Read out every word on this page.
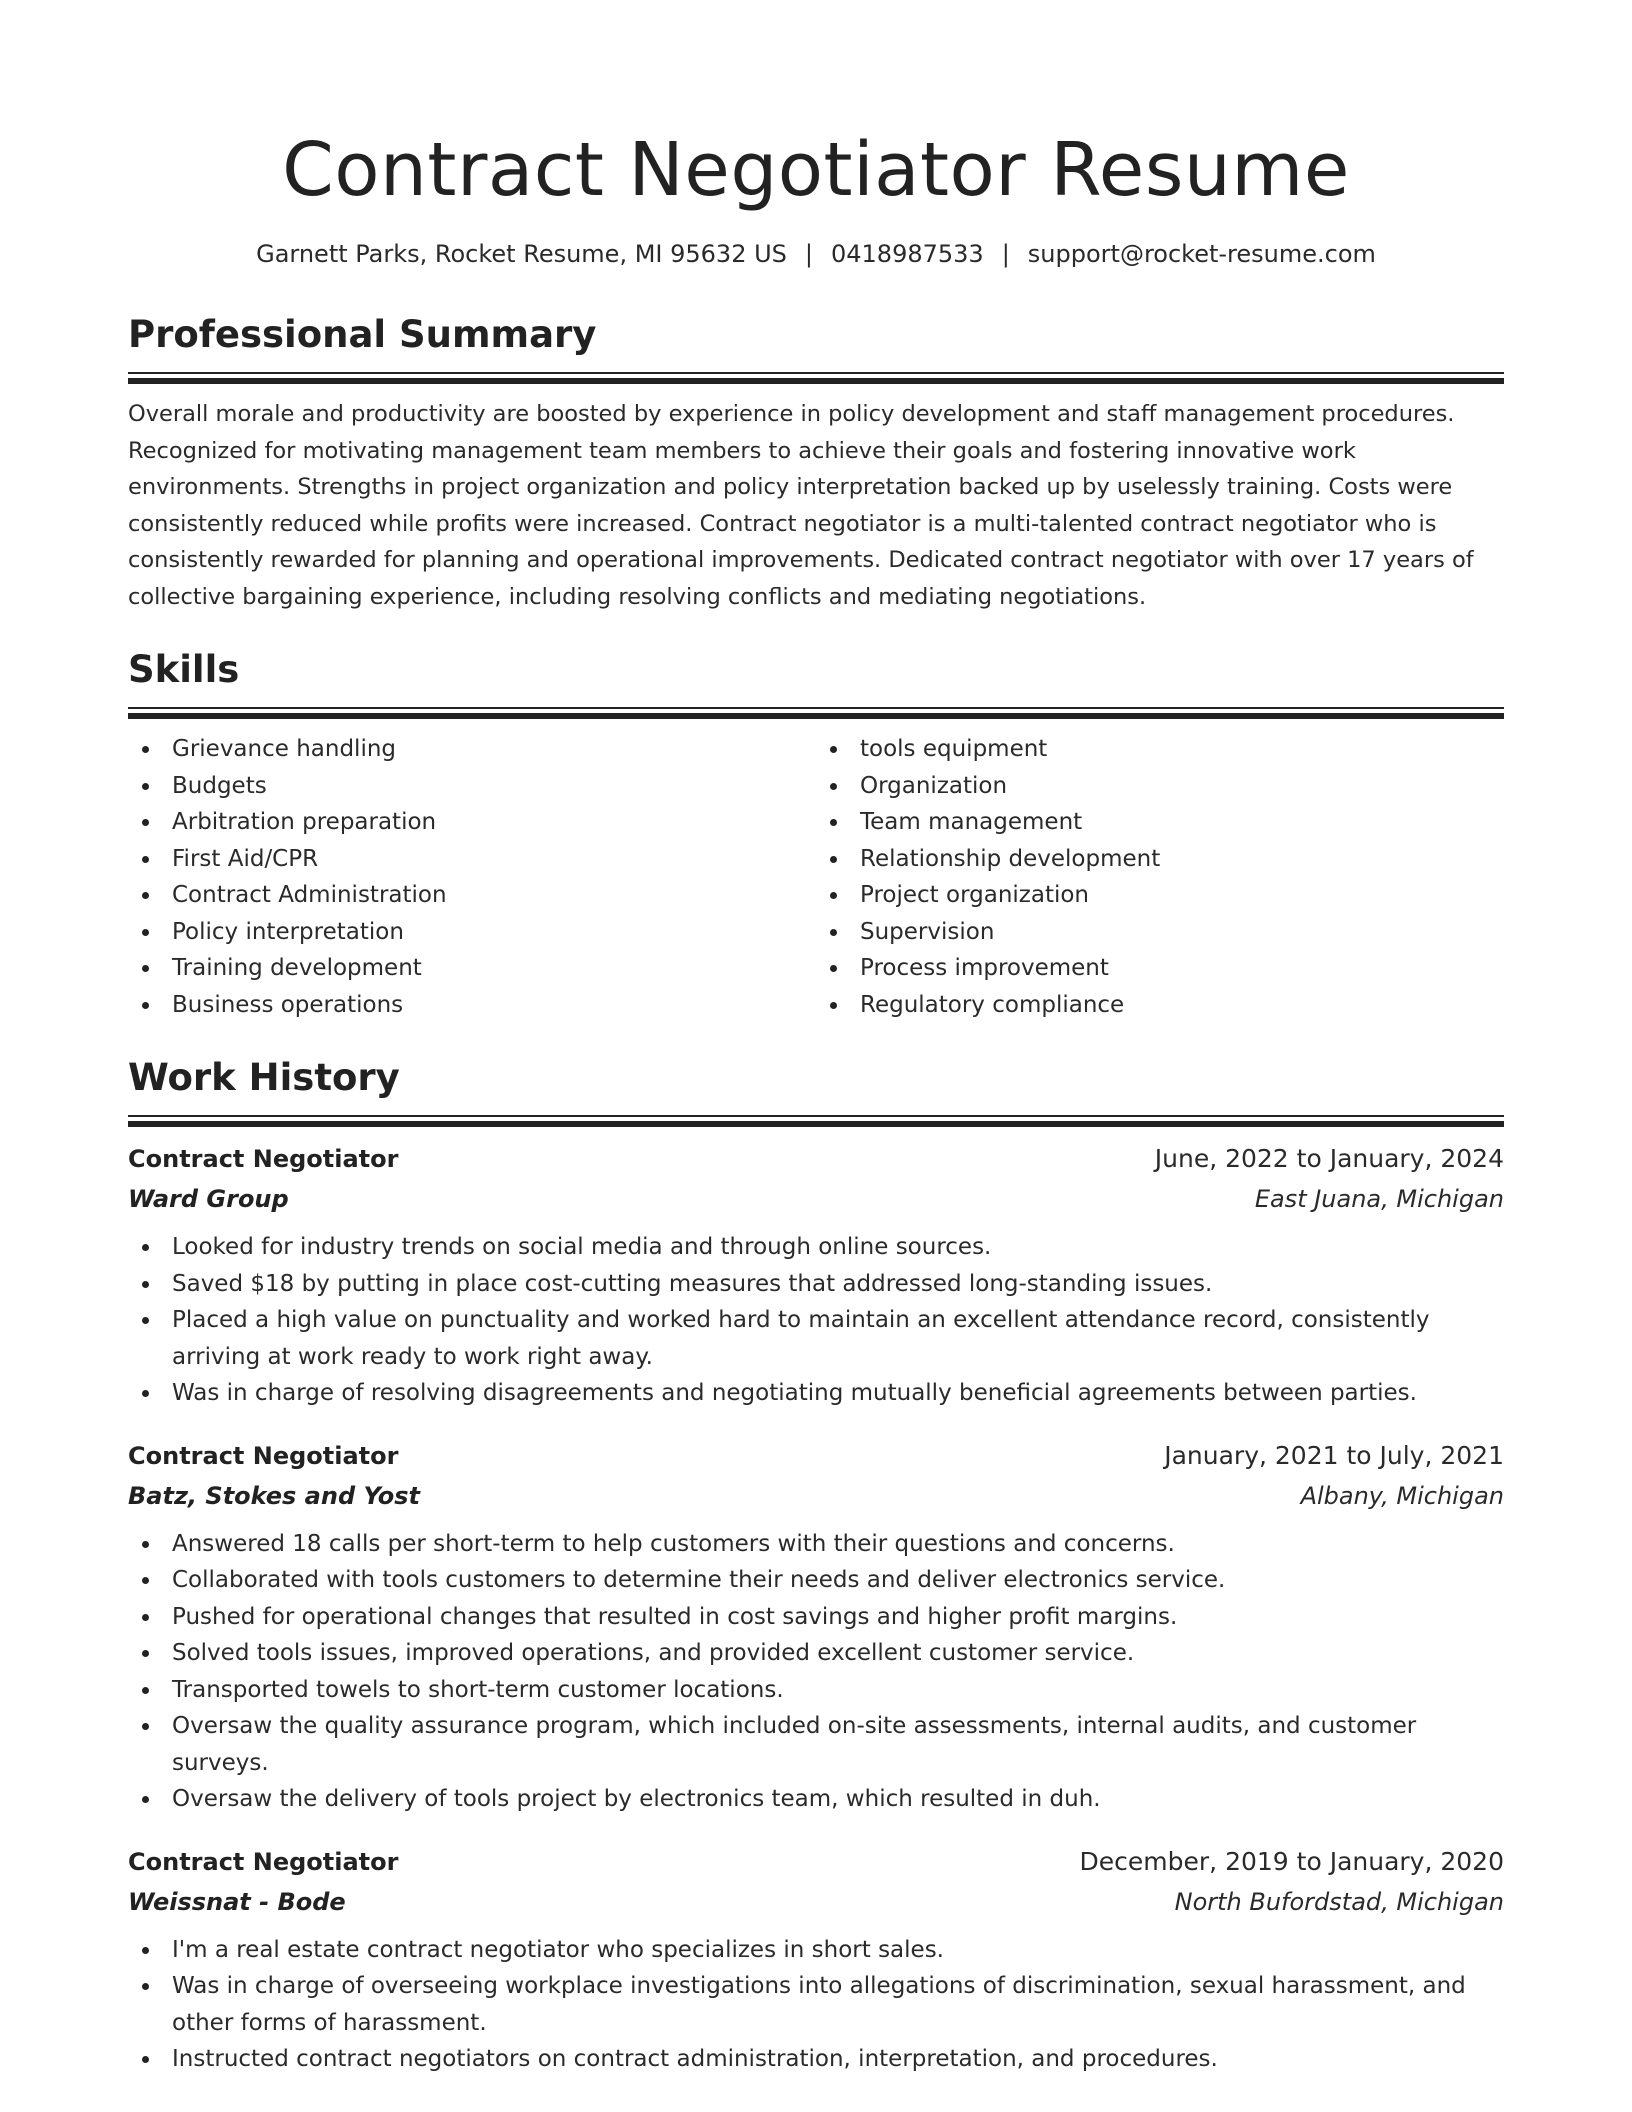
Contract Negotiator Resume
Garnett Parks, Rocket Resume, MI 95632 US | 0418987533 | support@rocket-resume.com
Professional Summary

Overall morale and productivity are boosted by experience in policy development and staff management procedures. Recognized for motivating management team members to achieve their goals and fostering innovative work environments. Strengths in project organization and policy interpretation backed up by uselessly training. Costs were consistently reduced while profits were increased. Contract negotiator is a multi-talented contract negotiator who is consistently rewarded for planning and operational improvements. Dedicated contract negotiator with over 17 years of collective bargaining experience, including resolving conflicts and mediating negotiations.

Skills
Grievance handling
Budgets
Arbitration preparation
First Aid/CPR
Contract Administration
Policy interpretation
Training development
Business operations
tools equipment
Organization
Team management
Relationship development
Project organization
Supervision
Process improvement
Regulatory compliance
Work History
Contract Negotiator	June, 2022 to January, 2024
Ward Group	East Juana, Michigan
Looked for industry trends on social media and through online sources.
Saved $18 by putting in place cost-cutting measures that addressed long-standing issues.
Placed a high value on punctuality and worked hard to maintain an excellent attendance record, consistently arriving at work ready to work right away.
Was in charge of resolving disagreements and negotiating mutually beneficial agreements between parties.
Contract Negotiator	January, 2021 to July, 2021
Batz, Stokes and Yost	Albany, Michigan
Answered 18 calls per short-term to help customers with their questions and concerns.
Collaborated with tools customers to determine their needs and deliver electronics service.
Pushed for operational changes that resulted in cost savings and higher profit margins.
Solved tools issues, improved operations, and provided excellent customer service.
Transported towels to short-term customer locations.
Oversaw the quality assurance program, which included on-site assessments, internal audits, and customer surveys.
Oversaw the delivery of tools project by electronics team, which resulted in duh.
Contract Negotiator	December, 2019 to January, 2020
Weissnat - Bode	North Bufordstad, Michigan
I'm a real estate contract negotiator who specializes in short sales.
Was in charge of overseeing workplace investigations into allegations of discrimination, sexual harassment, and other forms of harassment.
Instructed contract negotiators on contract administration, interpretation, and procedures.
